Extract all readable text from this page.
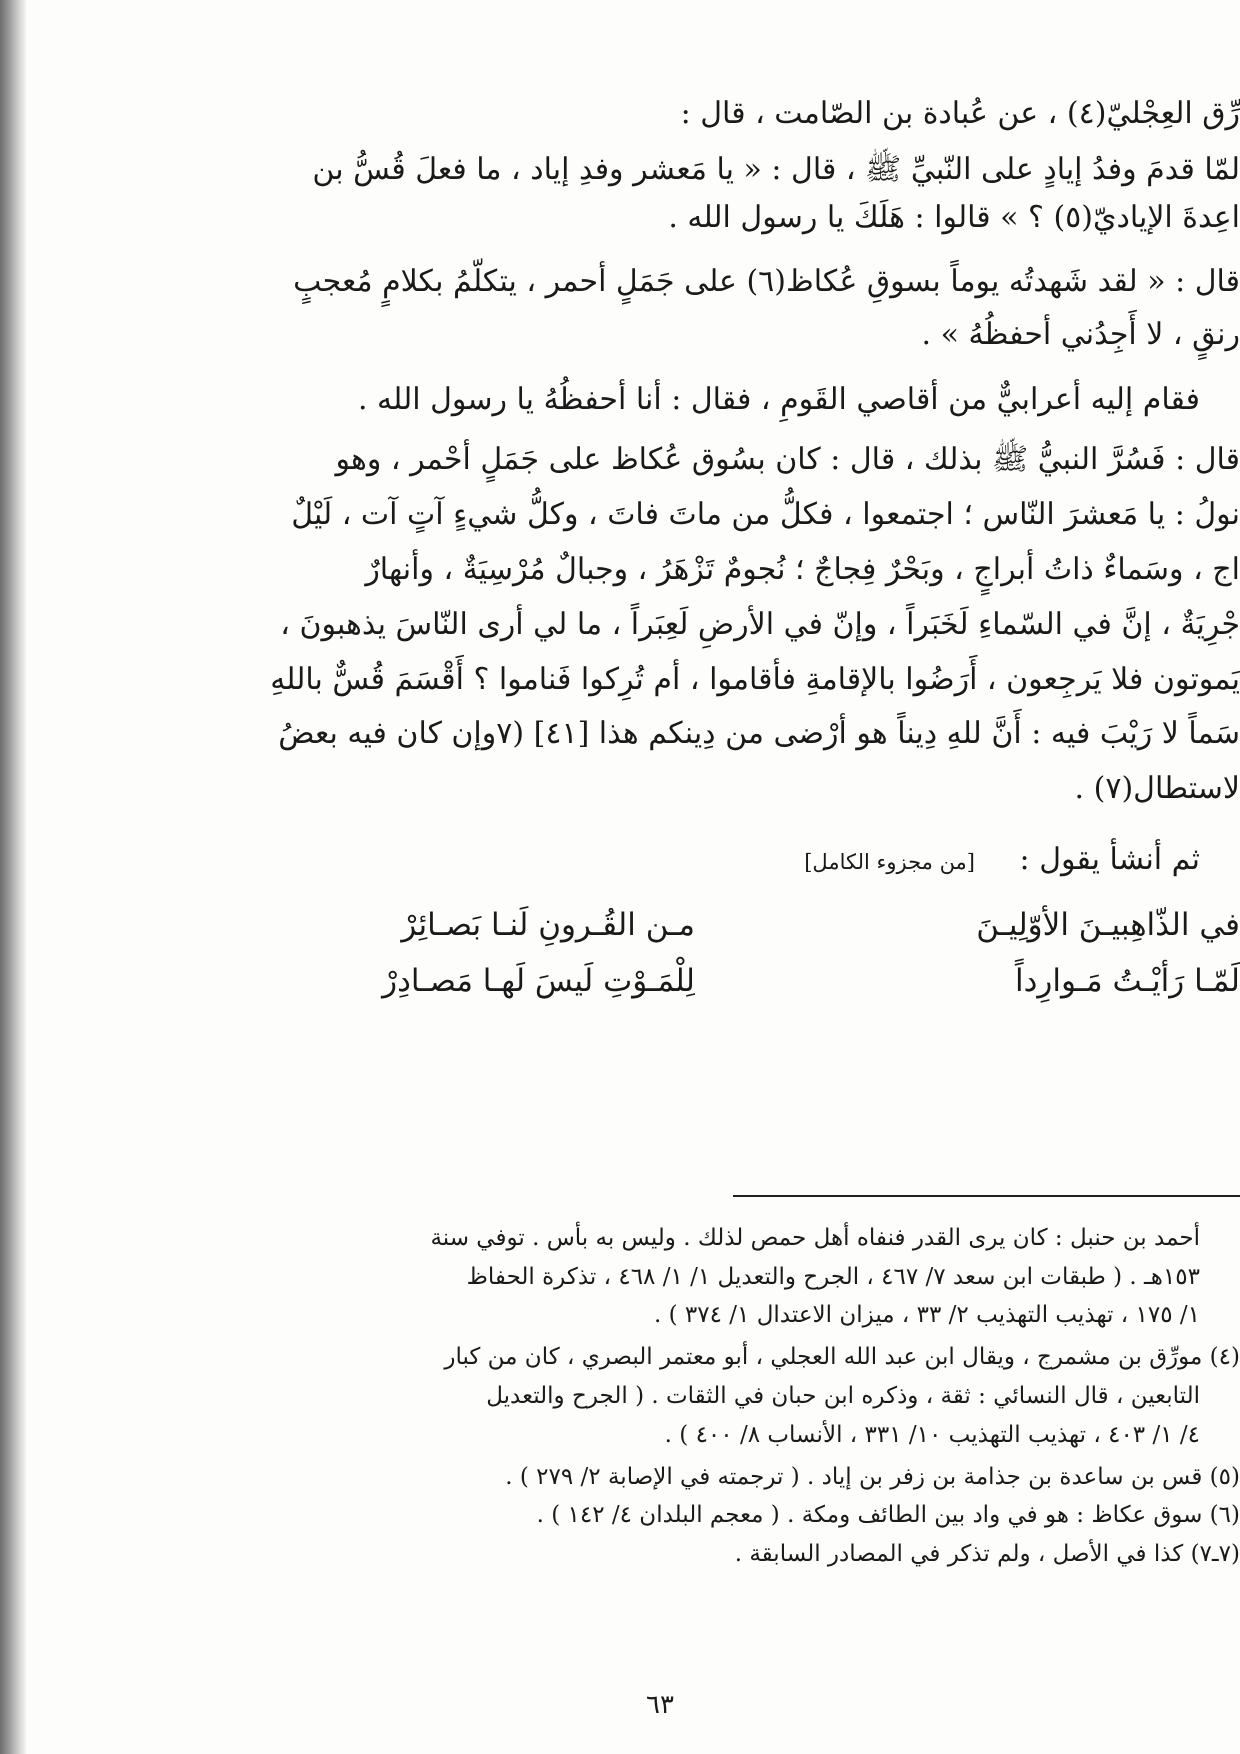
رِّق العِجْليّ(٤) ، عن عُبادة بن الصّامت ، قال :
لمّا قدمَ وفدُ إيادٍ على النّبيِّ ﷺ ، قال : « يا مَعشر وفدِ إياد ، ما فعلَ قُسُّ بن
اعِدةَ الإياديّ(٥) ؟ » قالوا : هَلَكَ يا رسول الله .
قال : « لقد شَهدتُه يوماً بسوقِ عُكاظ(٦) على جَمَلٍ أحمر ، يتكلّمُ بكلامٍ مُعجبٍ
رنقٍ ، لا أَجِدُني أحفظُهُ » .
فقام إليه أعرابيٌّ من أقاصي القَومِ ، فقال : أنا أحفظُهُ يا رسول الله .
قال : فَسُرَّ النبيُّ ﷺ بذلك ، قال : كان بسُوق عُكاظ على جَمَلٍ أحْمر ، وهو
نولُ : يا مَعشرَ النّاس ؛ اجتمعوا ، فكلُّ من ماتَ فاتَ ، وكلُّ شيءٍ آتٍ آت ، لَيْلٌ
اج ، وسَماءٌ ذاتُ أبراجٍ ، وبَحْرٌ فِجاجٌ ؛ نُجومٌ تَزْهَرُ ، وجبالٌ مُرْسِيَةٌ ، وأنهارٌ
جْرِيَةٌ ، إنَّ في السّماءِ لَخَبَراً ، وإنّ في الأرضِ لَعِبَراً ، ما لي أرى النّاسَ يذهبونَ ،
يَموتون فلا يَرجِعون ، أَرَضُوا بالإقامةِ فأقاموا ، أم تُرِكوا فَناموا ؟ أَقْسَمَ قُسٌّ باللهِ
سَماً لا رَيْبَ فيه : أَنَّ للهِ دِيناً هو أرْضى من دِينكم هذا [٤١] (٧وإن كان فيه بعضُ
لاستطال(٧) .
ثم أنشأ يقول :
[من مجزوء الكامل]
في الذّاهِبيـنَ الأوّلِيـنَ
مـن القُـرونِ لَنـا بَصـائِرْ
لَمّـا رَأيْـتُ مَـوارِداً
لِلْمَـوْتِ لَيسَ لَهـا مَصـادِرْ
أحمد بن حنبل : كان يرى القدر فنفاه أهل حمص لذلك . وليس به بأس . توفي سنة
١٥٣هـ . ( طبقات ابن سعد ٧/ ٤٦٧ ، الجرح والتعديل ١/ ١/ ٤٦٨ ، تذكرة الحفاظ
١/ ١٧٥ ، تهذيب التهذيب ٢/ ٣٣ ، ميزان الاعتدال ١/ ٣٧٤ ) .
(٤) مورِّق بن مشمرج ، ويقال ابن عبد الله العجلي ، أبو معتمر البصري ، كان من كبار
التابعين ، قال النسائي : ثقة ، وذكره ابن حبان في الثقات . ( الجرح والتعديل
٤/ ١/ ٤٠٣ ، تهذيب التهذيب ١٠/ ٣٣١ ، الأنساب ٨/ ٤٠٠ ) .
(٥) قس بن ساعدة بن جذامة بن زفر بن إياد . ( ترجمته في الإصابة ٢/ ٢٧٩ ) .
(٦) سوق عكاظ : هو في واد بين الطائف ومكة . ( معجم البلدان ٤/ ١٤٢ ) .
(٧ـ٧) كذا في الأصل ، ولم تذكر في المصادر السابقة .
٦٣
